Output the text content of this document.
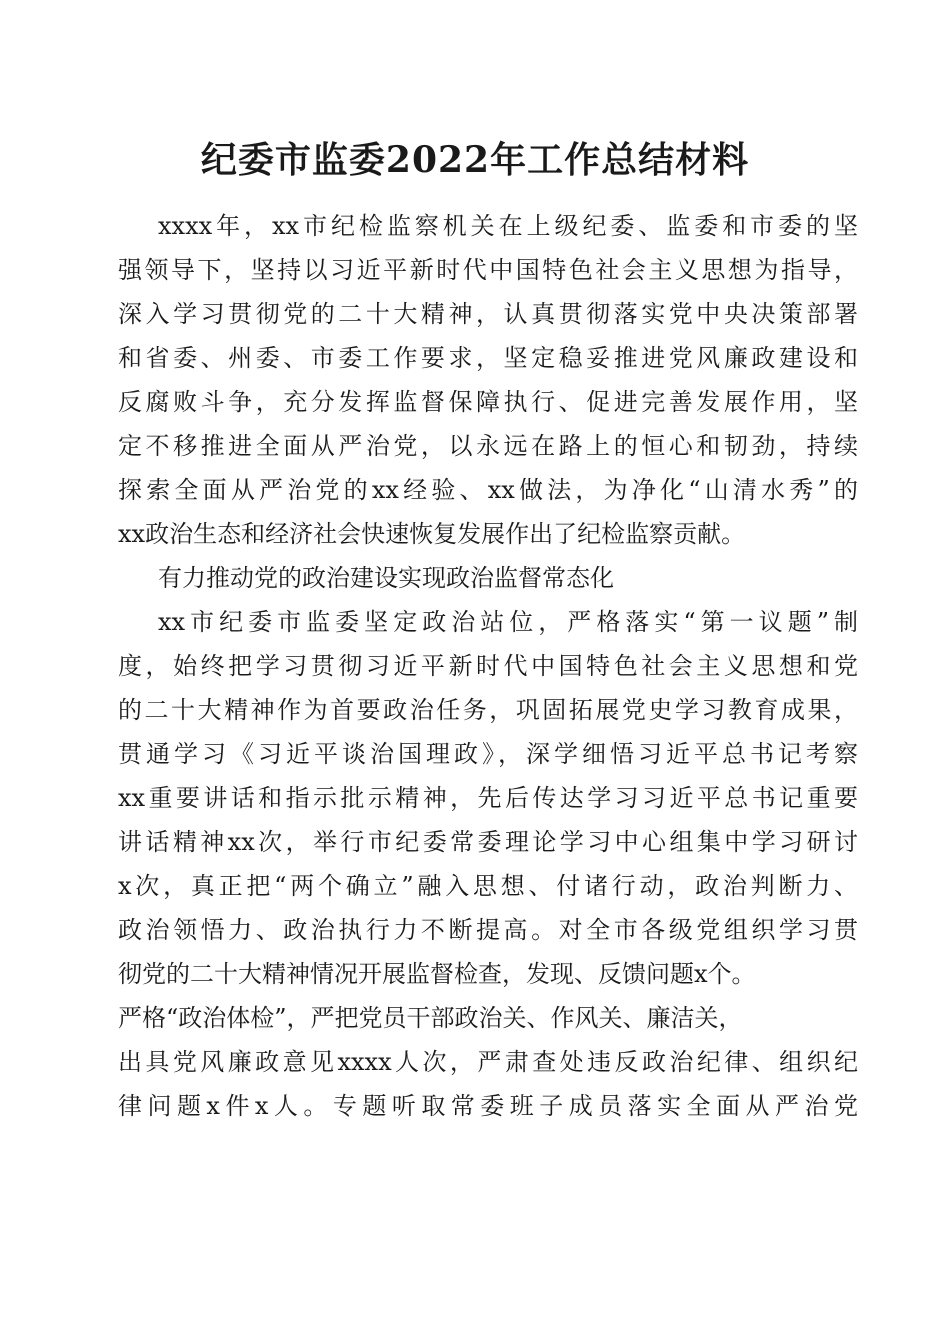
纪委市监委2022年工作总结材料
xxxx年，xx市纪检监察机关在上级纪委、监委和市委的坚
强领导下，坚持以习近平新时代中国特色社会主义思想为指导，
深入学习贯彻党的二十大精神，认真贯彻落实党中央决策部署
和省委、州委、市委工作要求，坚定稳妥推进党风廉政建设和
反腐败斗争，充分发挥监督保障执行、促进完善发展作用，坚
定不移推进全面从严治党，以永远在路上的恒心和韧劲，持续
探索全面从严治党的xx经验、xx做法，为净化“山清水秀”的
xx政治生态和经济社会快速恢复发展作出了纪检监察贡献。
有力推动党的政治建设实现政治监督常态化
xx市纪委市监委坚定政治站位，严格落实“第一议题”制
度，始终把学习贯彻习近平新时代中国特色社会主义思想和党
的二十大精神作为首要政治任务，巩固拓展党史学习教育成果，
贯通学习《习近平谈治国理政》，深学细悟习近平总书记考察
xx重要讲话和指示批示精神，先后传达学习习近平总书记重要
讲话精神xx次，举行市纪委常委理论学习中心组集中学习研讨
x次，真正把“两个确立”融入思想、付诸行动，政治判断力、
政治领悟力、政治执行力不断提高。对全市各级党组织学习贯
彻党的二十大精神情况开展监督检查，发现、反馈问题x个。
严格“政治体检”，严把党员干部政治关、作风关、廉洁关，
出具党风廉政意见xxxx人次，严肃查处违反政治纪律、组织纪
律问题x件x人。专题听取常委班子成员落实全面从严治党
